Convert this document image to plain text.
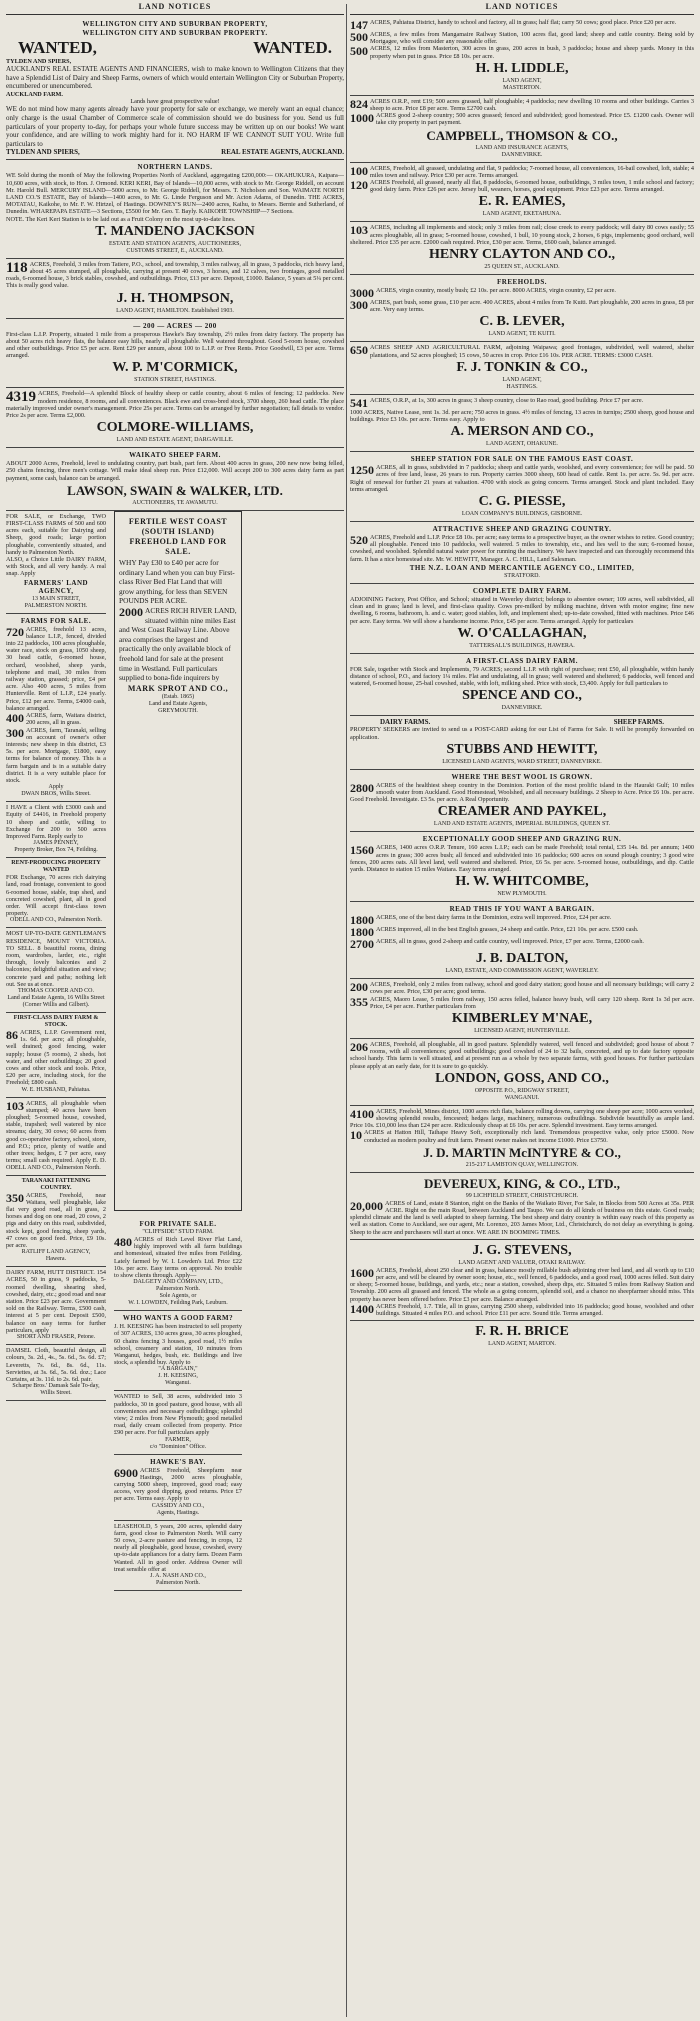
LAND NOTICES

WELLINGTON CITY AND SUBURBAN PROPERTY,

WELLINGTON CITY AND SUBURBAN PROPERTY.

WANTED,	WANTED.

TYLDEN AND SPIERS,

AUCKLAND'S REAL ESTATE AGENTS AND FINANCIERS, wish to make known to Wellington Citizens that they have a Splendid List of Dairy and Sheep Farms, owners of which would entertain Wellington City or Suburban Property, encumbered or unencumbered.

AUCKLAND FARM.

Lands have great prospective value!

WE do not mind how many agents already have your property for sale or exchange, we merely want an equal chance; only charge is the usual Chamber of Commerce scale of commission should we do business for you. Send us full particulars of your property to-day, for perhaps your whole future success may be written up on our books! We want your confidence, and are willing to work mighty hard for it. NO HARM IF WE CANNOT SUIT YOU. Write full particulars to

TYLDEN AND SPIERS,	REAL ESTATE AGENTS, AUCKLAND.

NORTHERN LANDS.

WE Sold during the month of May the following Properties North of Auckland, aggregating £200,000:— OKAHUKURA, Kaipara—10,600 acres, with stock, to Hon. J. Ormond. KERI KERI, Bay of Islands—10,000 acres, with stock to Mr. George Riddell, on account Mr. Harold Bull. MERCURY ISLAND—5000 acres, to Mr. George Riddell, for Messrs. T. Nicholson and Son. WAIMATE NORTH LAND CO.'S ESTATE, Bay of Islands—1400 acres, to Mr. G. Linde Ferguson and Mr. Acton Adams, of Dunedin. THE ACRES, MOTATAU, Kaikohe, to Mr. F. W. Hirtzel, of Hastings. DOWNEY'S RUN—2400 acres, Kaihu, to Messrs. Bernie and Sutherland, of Dunedin. WHAREPAPA ESTATE—3 Sections, £5500 for Mr. Geo. T. Bayly. KAIKOHE TOWNSHIP—7 Sections.

NOTE. The Keri Keri Station is to be laid out as a Fruit Colony on the most up-to-date lines.

T. MANDENO JACKSON

ESTATE AND STATION AGENTS, AUCTIONEERS,

CUSTOMS STREET, E., AUCKLAND.

118 ACRES, Freehold, 3 miles from Tatiere, P.O., school, and township, 3 miles railway, all in grass, 3 paddocks, rich heavy land, about 45 acres stumped, all ploughable, carrying at present 40 cows, 3 horses, and 12 calves, two frontages, good metalled roads, 6-roomed house, 3 brick stables, cowshed, and outbuildings. Price, £13 per acre. Deposit, £1000. Balance, 5 years at 5¼ per cent. This is really good value.

J. H. THOMPSON,

LAND AGENT, HAMILTON. Established 1903.

— 200 — ACRES — 200

First-class L.I.P. Property, situated 1 mile from a prosperous Hawke's Bay township, 2½ miles from dairy factory. The property has about 50 acres rich heavy flats, the balance easy hills, nearly all ploughable. Well watered throughout. Good 5-room house, cowshed and other outbuildings. Price £5 per acre. Rent £29 per annum, about 100 to L.I.P. or Free Rents. Price Goodwill, £3 per acre. Terms arranged.

W. P. M'CORMICK,

STATION STREET, HASTINGS.

4319 ACRES, Freehold—A splendid Block of healthy sheep or cattle country, about 6 miles of fencing; 12 paddocks. New modern residence, 8 rooms, and all conveniences. Black ewe and cross-bred stock, 3700 sheep, 260 head cattle. The place materially improved under owner's management. Price 25s per acre. Terms can be arranged by further negotiation; fall details to vendor. Price 2s per acre. Terms £2,000.

COLMORE-WILLIAMS,

LAND AND ESTATE AGENT, DARGAVILLE.

WAIKATO SHEEP FARM.

ABOUT 2000 Acres, Freehold, level to undulating country, part bush, part fern. About 400 acres in grass, 200 new now being felled, 250 chains fencing, three men's cottage. Will make ideal sheep run. Price £12,000. Will accept 200 to 300 acres dairy farm as part payment, some cash, balance can be arranged.

LAWSON, SWAIN & WALKER, LTD.

AUCTIONEERS, TE AWAMUTU.

FOR SALE, or Exchange, TWO FIRST-CLASS FARMS of 500 and 600 acres each, suitable for Dairying and Sheep, good roads; large portion ploughable, conveniently situated, and handy to Palmerston North.

ALSO, a Choice Little DAIRY FARM, with Stock, and all very handy. A real snap. Apply

FARMERS' LAND AGENCY,

13 MAIN STREET,

PALMERSTON NORTH.

FARMS FOR SALE.

720 ACRES, freehold 13 acres, balance L.I.P., fenced, divided into 22 paddocks, 100 acres ploughable, water race, stock on grass, 1050 sheep, 30 head cattle, 6-roomed house, orchard, woolshed, sheep yards, telephone and mail, 30 miles from railway station, grassed; price, £4 per acre. Also 400 acres, 5 miles from Hunterville. Rent of L.I.P., £24 yearly. Price, £12 per acre. Terms, £4000 cash, balance arranged.

400 ACRES, farm, Waitara district, 200 acres, all in grass.

300 ACRES, farm, Taranaki, selling on account of owner's other interests; new sheep in this district, £3 5s. per acre. Mortgage, £1800, easy terms for balance of money. This is a farm bargain and is in a suitable dairy district. It is a very suitable place for stock.

Apply

DWAN BROS, Willis Street.

I HAVE a Client with £3000 cash and Equity of £4416, in Freehold property 10 sheep and cattle, willing to Exchange for 200 to 500 acres Improved Farm. Reply early to

JAMES PENNEY,

Property Broker, Box 74, Feilding.

RENT-PRODUCING PROPERTY WANTED

FOR Exchange, 70 acres rich dairying land, road frontage, convenient to good 6-roomed house, stable, trap shed, and concreted cowshed, plant, all in good order. Will accept first-class town property.

ODELL AND CO., Palmerston North.

MOST UP-TO-DATE GENTLEMAN'S RESIDENCE, MOUNT VICTORIA. TO SELL. 8 beautiful rooms, dining room, wardrobes, larder, etc., right through, lovely balconies and 2 balconies; delightful situation and view; concrete yard and paths; nothing left out. See us at once.

THOMAS COOPER AND CO.

Land and Estate Agents, 16 Willis Street (Corner Willis and Gilbert).

FIRST-CLASS DAIRY FARM & STOCK.

86 ACRES, L.I.P. Government rent, 1s. 6d. per acre; all ploughable, well drained; good fencing, water supply; house (5 rooms), 2 sheds, hot water, and other outbuildings; 20 good cows and other stock and tools. Price, £20 per acre, including stock, for the Freehold; £800 cash.

W. E. HUSBAND, Pahiatua.

103 ACRES, all ploughable when stumped; 40 acres have been ploughed; 5-roomed house, cowshed, stable, trapshed; well watered by nice streams; dairy, 30 cows; 60 acres from good co-operative factory, school, store, and P.O.; price, plenty of wattle and other trees; hedges, £ 7 per acre, easy terms; small cash required. Apply E. D. ODELL AND CO., Palmerston North.

TARANAKI FATTENING COUNTRY.

350 ACRES, Freehold, near Waitara, well ploughable, lake flat very good road, all in grass, 2 horses and dog on one road, 20 cows, 2 pigs and dairy on this road, subdivided, stock kept, good fencing, sheep yards, 47 cows on good feed. Price, £9 10s. per acre.

RATLIFF LAND AGENCY,

Hawera.

DAIRY FARM, HUTT DISTRICT. 154 ACRES, 50 in grass, 9 paddocks, 5-roomed dwelling, shearing shed, cowshed, dairy, etc.; good road and near station. Price £23 per acre. Government sold on the Railway. Terms, £500 cash, interest at 5 per cent. Deposit £500, balance on easy terms for further particulars, apply

SHORT AND FRASER, Petone.

DAMSEL Cloth, beautiful design, all colours, 3s. 2d., 4s., 5s. 6d., 5s. 6d. £7; Leveretts, 7s. 6d., 8s. 6d., 11s. Serviettes, at 3s. 6d., 5s. 6d. doz.; Lace Curtains, at 3s. 11d. to 2s. 6d. pair.

Scharpe Bros.' Damask Sale To-day, Willis Street.

FERTILE WEST COAST (SOUTH ISLAND) FREEHOLD LAND FOR SALE.

WHY Pay £30 to £40 per acre for ordinary Land when you can buy First-class River Bed Flat Land that will grow anything, for less than SEVEN POUNDS PER ACRE.

2000 ACRES RICH RIVER LAND, situated within nine miles East and West Coast Railway Line. Above area comprises the largest and practically the only available block of freehold land for sale at the present time in Westland. Full particulars supplied to bona-fide inquirers by

MARK SPROT AND CO.,

(Estab. 1865)

Land and Estate Agents,

GREYMOUTH.

FOR PRIVATE SALE.

"CLIFFSIDE" STUD FARM.

480 ACRES of Rich Level River Flat Land, highly improved with all farm buildings and homestead, situated five miles from Feilding. Lately farmed by W. I. Lowden's Ltd. Price £22 10s. per acre. Easy terms on approval. No trouble to show clients through. Apply—

DALGETY AND COMPANY, LTD.,

Palmerston North.

Sole Agents, or

W. I. LOWDEN, Feilding Park, Leuburn.

WHO WANTS A GOOD FARM?

J. H. KEESING has been instructed to sell property of 307 ACRES, 130 acres grass, 30 acres ploughed, 60 chains fencing 3 houses, good road, 1½ miles school, creamery and station, 10 minutes from Wanganui, hedges, bush, etc. Buildings and live stock, a splendid buy. Apply to

"A BARGAIN,"

J. H. KEESING,

Wanganui.

WANTED to Sell, 38 acres, subdivided into 3 paddocks, 30 in good pasture, good house, with all conveniences and necessary outbuildings; splendid view; 2 miles from New Plymouth; good metalled road, daily cream collected from property. Price £90 per acre. For full particulars apply

FARMER,

c/o "Dominion" Office.

HAWKE'S BAY.

6900 ACRES Freehold, Sheepfarm near Hastings, 2000 acres ploughable, carrying 5000 sheep, improved, good road; easy access, very good dipping, good returns. Price £7 per acre. Terms easy. Apply to

CASSIDY AND CO.,

Agents, Hastings.

LEASEHOLD, 5 years, 200 acres, splendid dairy farm, good close to Palmerston North. Will carry 50 cows, 2-acre pasture and fencing, in crops, 12 nearly all ploughable, good house, cowshed, every up-to-date appliances for a dairy farm. Dozen Farm Wanted. All in good order. Address Owner will treat sensible offer at

J. A. NASH AND CO.,

Palmerston North.

LAND NOTICES
147 ACRES, Pahiatua District, handy to school and factory, all in grass; half flat; carry 50 cows; good place. Price £20 per acre.

500 ACRES, a few miles from Mangamaire Railway Station, 100 acres flat, good land; sheep and cattle country. Being sold by Mortgagee, who will consider any reasonable offer.

500 ACRES, 12 miles from Masterton, 300 acres in grass, 200 acres in bush, 3 paddocks; house and sheep yards. Money in this property when put in grass. Price £8 10s. per acre.

H. H. LIDDLE,

LAND AGENT,

MASTERTON.

824 ACRES O.R.P., rent £19; 500 acres grassed, half ploughable; 4 paddocks; new dwelling 10 rooms and other buildings. Carries 3 sheep to acre. Price £8 per acre. Terms £2700 cash.

1000 ACRES good 2-sheep country; 500 acres grassed; fenced and subdivided; good homestead. Price £5. £1200 cash. Owner will take city property in part payment.

CAMPBELL, THOMSON & CO.,

LAND AND INSURANCE AGENTS,

DANNEVIRKE.

100 ACRES, Freehold, all grassed, undulating and flat, 9 paddocks; 7-roomed house, all conveniences, 16-bail cowshed, loft, stable; 4 miles town and railway. Price £30 per acre. Terms arranged.

120 ACRES Freehold, all grassed, nearly all flat, 8 paddocks, 6-roomed house, outbuildings, 3 miles town, 1 mile school and factory; good dairy farm. Price £26 per acre. Jersey bull, weaners, horses, good equipment. Price £23 per acre. Terms arranged.

E. R. EAMES,

LAND AGENT, EKETAHUNA.

103 ACRES, including all implements and stock; only 3 miles from rail; close creek to every paddock; will dairy 80 cows easily; 55 acres ploughable, all in grass; 5-roomed house, cowshed, 1 bull, 10 young stock, 2 horses, 6 pigs, implements; good orchard, well sheltered. Price £35 per acre. £2000 cash required. Price, £30 per acre. Terms, £600 cash, balance arranged.

HENRY CLAYTON AND CO.,

25 QUEEN ST., AUCKLAND.

FREEHOLDS.

3000 ACRES, virgin country, mostly bush; £2 10s. per acre. 8000 ACRES, virgin country, £2 per acre.

300 ACRES, part bush, some grass, £10 per acre. 400 ACRES, about 4 miles from Te Kuiti. Part ploughable, 200 acres in grass, £8 per acre. Very easy terms.

C. B. LEVER,

LAND AGENT, TE KUITI.

650 ACRES SHEEP AND AGRICULTURAL FARM, adjoining Waipawa; good frontages, subdivided, well watered, shelter plantations, and 52 acres ploughed; 15 cows, 50 acres in crop. Price £16 10s. PER ACRE. TERMS: £3000 CASH.

F. J. TONKIN & CO.,

LAND AGENT,

HASTINGS.

541 ACRES, O.R.P., at 1s, 300 acres in grass; 3 sheep country, close to Rao road, good building. Price £7 per acre.

1000 ACRES, Native Lease, rent 1s. 3d. per acre; 750 acres in grass. 4½ miles of fencing, 13 acres in turnips; 2500 sheep, good house and buildings. Price £3 10s. per acre. Terms easy. Apply to

A. MERSON AND CO.,

LAND AGENT, OHAKUNE.

SHEEP STATION FOR SALE ON THE FAMOUS EAST COAST.

1250 ACRES, all in grass, subdivided in 7 paddocks; sheep and cattle yards, woolshed, and every convenience; fee will be paid. 50 acres of free land, lease, 26 years to run. Property carries 3000 sheep, 600 head of cattle. Rent 1s. per acre. 5s. 9d. per acre. Right of renewal for further 21 years at valuation. 4700 with stock as going concern. Terms arranged. Stock and plant included. Easy terms arranged.

C. G. PIESSE,

LOAN COMPANY'S BUILDINGS, GISBORNE.

ATTRACTIVE SHEEP AND GRAZING COUNTRY.

520 ACRES, Freehold and L.I.P. Price £8 10s. per acre; easy terms to a prospective buyer, as the owner wishes to retire. Good country; all ploughable. Fenced into 10 paddocks, well watered. 5 miles to township, etc., and lies well to the sun; 6-roomed house, cowshed, and woolshed. Splendid natural water power for running the machinery. We have inspected and can thoroughly recommend this farm. It has a nice homestead site. Mr. W. HEWITT, Manager. A. C. HILL, Land Salesman.

THE N.Z. LOAN AND MERCANTILE AGENCY CO., LIMITED,

STRATFORD.

COMPLETE DAIRY FARM.

ADJOINING Factory, Post Office, and School; situated in Waverley district; belongs to absentee owner; 109 acres, well subdivided, all clean and in grass; land is level, and first-class quality. Cows pre-milked by milking machine, driven with motor engine; fine new dwelling, 6 rooms, bathroom, h. and c. water; good stables, loft, and implement shed; up-to-date cowshed, fitted with machines. Price £46 per acre. Easy terms. We will show a handsome income. Price, £45 per acre. Terms arranged. Apply for particulars

W. O'CALLAGHAN,

TATTERSALL'S BUILDINGS, HAWERA.

A FIRST-CLASS DAIRY FARM.

FOR Sale, together with Stock and Implements, 79 ACRES; second L.I.P. with right of purchase; rent £50, all ploughable, within handy distance of school, P.O., and factory 1¼ miles. Flat and undulating, all in grass; well watered and sheltered; 6 paddocks, well fenced and watered, 6-roomed house, 25-bail cowshed, stable, with loft, milking shed. Price with stock, £3,400. Apply for full particulars to

SPENCE AND CO.,

DANNEVIRKE.

DAIRY FARMS.	SHEEP FARMS.

PROPERTY SEEKERS are invited to send us a POST-CARD asking for our List of Farms for Sale. It will be promptly forwarded on application.

STUBBS AND HEWITT,

LICENSED LAND AGENTS, WARD STREET, DANNEVIRKE.

WHERE THE BEST WOOL IS GROWN.

2800 ACRES of the healthiest sheep country in the Dominion. Portion of the most prolific island in the Hauraki Gulf; 10 miles smooth water from Auckland. Good Homestead, Woolshed, and all necessary buildings. 2 Sheep to Acre. Price £6 10s. per acre. Good Freehold. Investigate. £3 5s. per acre. A Real Opportunity.

CREAMER AND PAYKEL,

LAND AND ESTATE AGENTS, IMPERIAL BUILDINGS, QUEEN ST.

EXCEPTIONALLY GOOD SHEEP AND GRAZING RUN.

1560 ACRES, 1400 acres O.R.P. Tenure, 160 acres L.I.P.; each can be made Freehold; total rental, £35 14s. 8d. per annum; 1400 acres in grass; 300 acres bush; all fenced and subdivided into 16 paddocks; 600 acres on sound plough country; 3 good wire fences, 200 acres oats. All level land, well watered and sheltered. Price, £6 5s. per acre. 5-roomed house, outbuildings, and dip. Cattle yards. Distance to station 15 miles Waitara. Easy terms arranged.

H. W. WHITCOMBE,

NEW PLYMOUTH.

READ THIS IF YOU WANT A BARGAIN.

1800 ACRES, one of the best dairy farms in the Dominion, extra well improved. Price, £24 per acre.

1800 ACRES improved, all in the best English grasses, 24 sheep and cattle. Price, £21 10s. per acre. £500 cash.

2700 ACRES, all in grass, good 2-sheep and cattle country, well improved. Price, £7 per acre. Terms, £2000 cash.

J. B. DALTON,

LAND, ESTATE, AND COMMISSION AGENT, WAVERLEY.

200 ACRES, Freehold, only 2 miles from railway, school and good dairy station; good house and all necessary buildings; will carry 2 cows per acre. Price, £30 per acre; good terms.

355 ACRES, Maoro Lease, 5 miles from railway, 150 acres felled, balance heavy bush, will carry 120 sheep. Rent 1s 3d per acre. Price, £4 per acre. Further particulars from

KIMBERLEY M'NAE,

LICENSED AGENT, HUNTERVILLE.

206 ACRES, Freehold, all ploughable, all in good pasture. Splendidly watered, well fenced and subdivided; good house of about 7 rooms, with all conveniences; good outbuildings; good cowshed of 24 to 32 bails, concreted, and up to date factory opposite school handy. This farm is well situated, and at present run as a whole by two separate farms, with good houses. For further particulars please apply at an early date, for it is sure to go quickly.

LONDON, GOSS, AND CO.,

OPPOSITE P.O., RIDGWAY STREET,

WANGANUI.

4100 ACRES, Freehold, Mines district, 1000 acres rich flats, balance rolling downs, carrying one sheep per acre; 1000 acres worked, showing splendid results, fencesred; hedges large, machinery, numerous outbuildings. Subdivide beautifully as ample land. Price 10s. £10,000 less than £24 per acre. Ridiculously cheap at £6 10s. per acre. Splendid investment. Easy terms arranged.

10 ACRES at Hatton Hill, Taihape Heavy Soft, exceptionally rich land. Tremendous prospective value, only price £5000. Now conducted as modern poultry and fruit farm. Present owner makes net income £1000. Price £3750.

J. D. MARTIN McINTYRE & CO.,

215-217 LAMBTON QUAY, WELLINGTON.

DEVEREUX, KING, & CO., LTD.,

99 LICHFIELD STREET, CHRISTCHURCH.

20,000 ACRES of Land, estate 8 Stanton, right on the Banks of the Waikato River, For Sale, in Blocks from 500 Acres at 35s. PER ACRE. Right on the main Road, between Auckland and Taupo. We can do all kinds of business on this estate. Good roads; splendid climate and the land is well adapted to sheep farming. The best sheep and dairy country is within easy reach of this property as well as station. Come to Auckland, see our agent, Mr. Lorenzo, 203 James Moor, Ltd., Christchurch, do not delay as everything is going. Sheep to the acre and purchasers will start at once. WE ARE IN BOOMING TIMES.

J. G. STEVENS,

LAND AGENT AND VALUER, OTAKI RAILWAY.

1600 ACRES, Freehold, about 250 clear and in grass, balance mostly millable bush adjoining river bed land, and all worth up to £10 per acre, and will be cleared by owner soon; house, etc., well fenced, 6 paddocks, and a good road, 1000 acres felled. Suit dairy or sheep; 5-roomed house, buildings, and yards, etc.; near a station, cowshed, sheep dips, etc. Situated 5 miles from Railway Station and Township. 200 acres all grassed and fenced. The whole as a going concern, splendid soil, and a chance no sheepfarmer should miss. This property has never been offered before. Price £3 per acre. Balance arranged.

1400 ACRES Freehold, 1.7. Title, all in grass, carrying 2500 sheep, subdivided into 16 paddocks; good house, woolshed and other buildings. Situated 4 miles P.O. and school. Price £11 per acre. Sound title. Terms arranged.

F. R. H. BRICE

LAND AGENT, MARTON.
